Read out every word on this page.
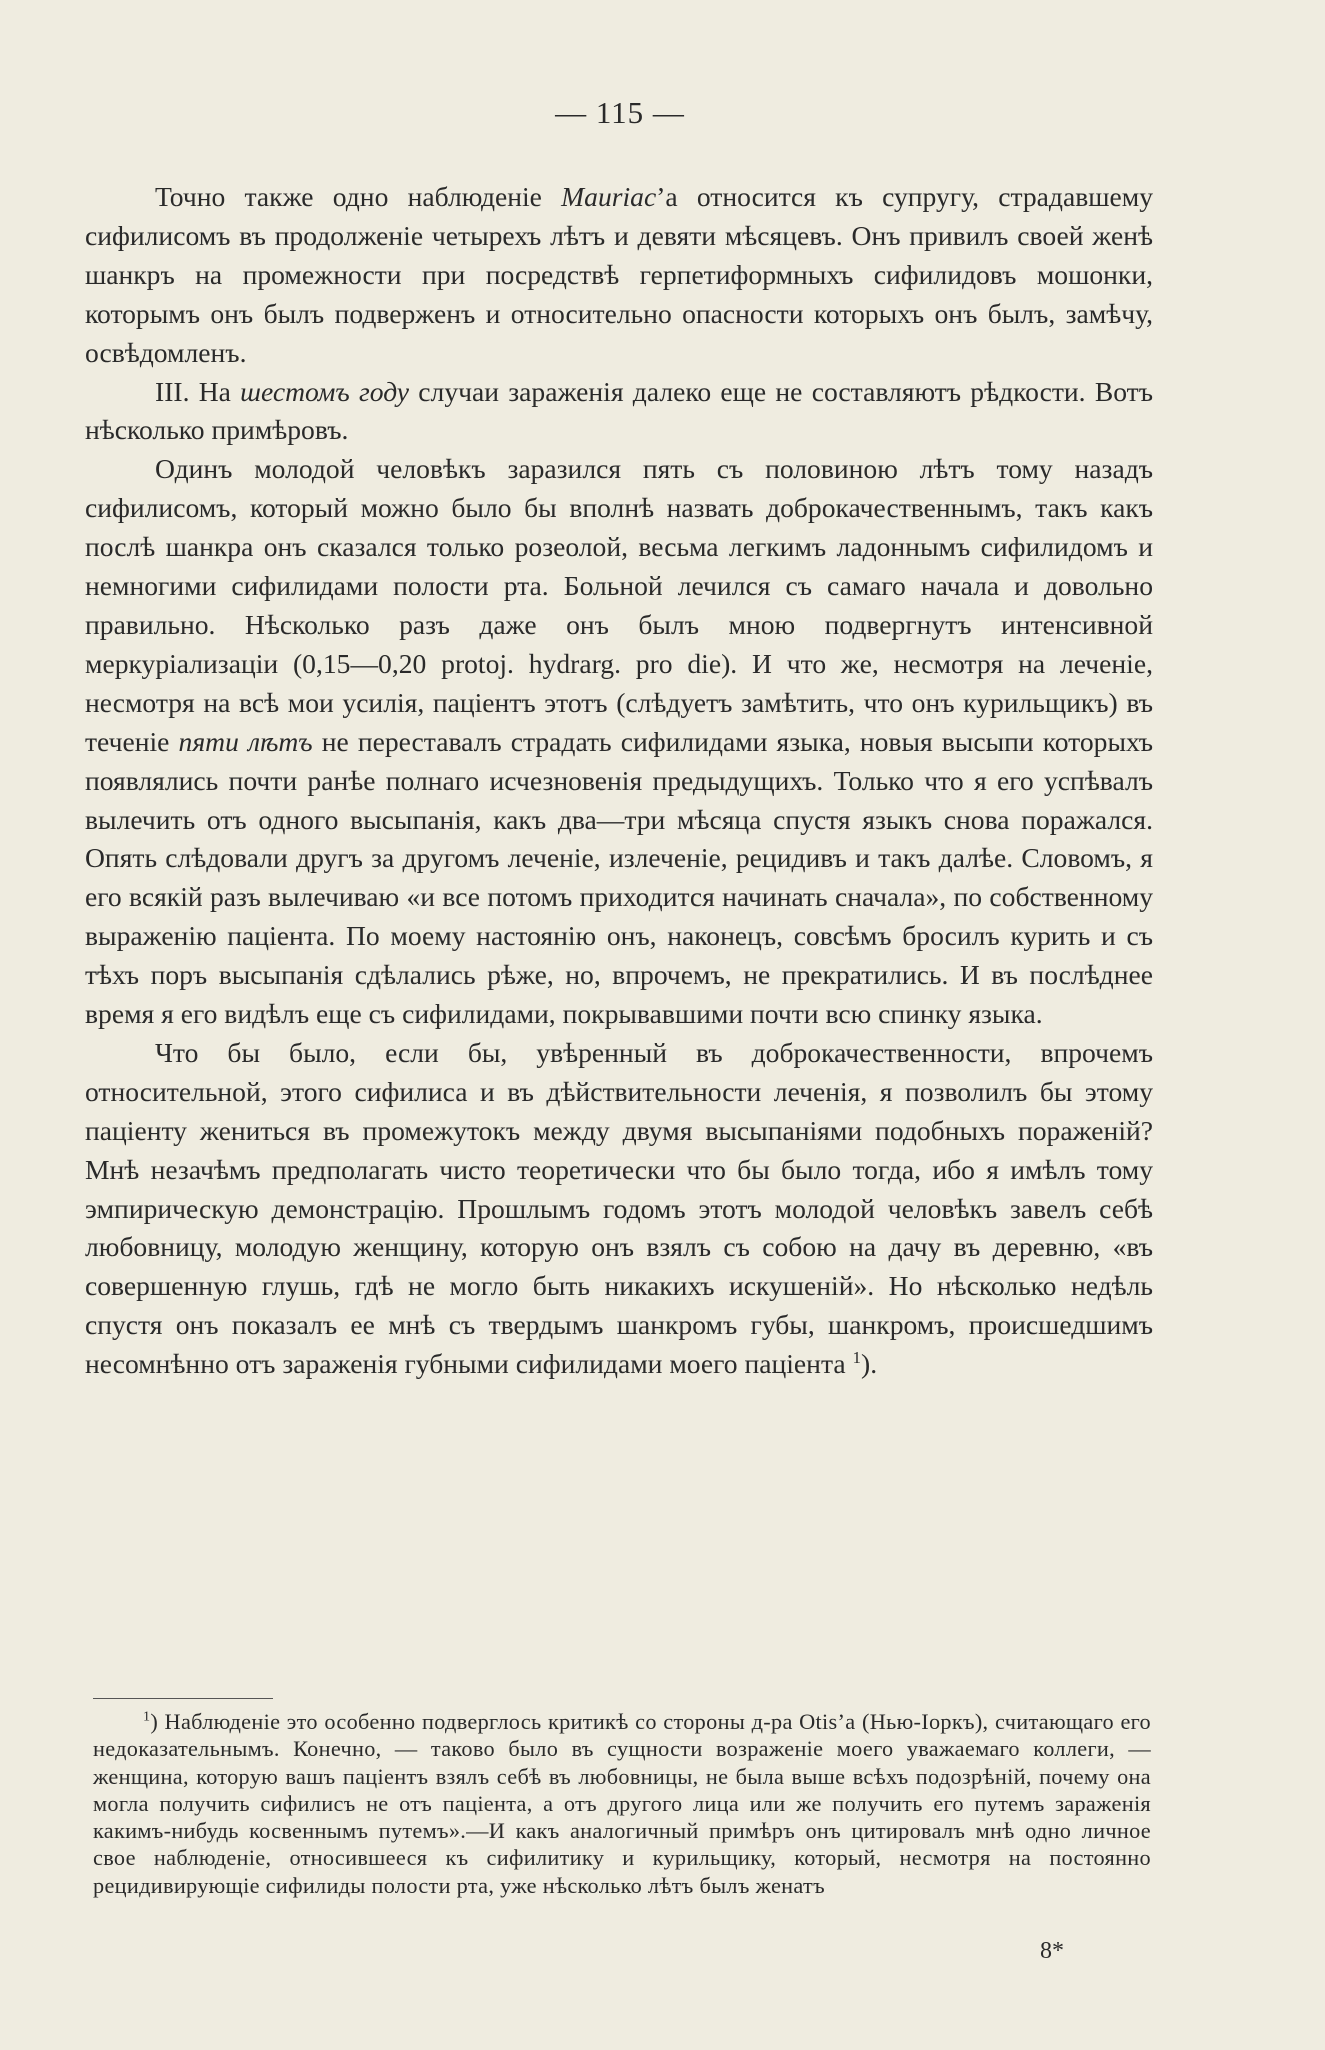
— 115 —

Точно также одно наблюденіе Mauriac’а относится къ супругу, страдавшему сифилисомъ въ продолженіе четырехъ лѣтъ и девяти мѣсяцевъ. Онъ привилъ своей женѣ шанкръ на промежности при посредствѣ герпетиформныхъ сифилидовъ мошонки, которымъ онъ былъ подверженъ и относительно опасности которыхъ онъ былъ, замѣчу, освѣдомленъ.

III. На шестомъ году случаи зараженія далеко еще не составляютъ рѣдкости. Вотъ нѣсколько примѣровъ.

Одинъ молодой человѣкъ заразился пять съ половиною лѣтъ тому назадъ сифилисомъ, который можно было бы вполнѣ назвать доброкачественнымъ, такъ какъ послѣ шанкра онъ сказался только розеолой, весьма легкимъ ладоннымъ сифилидомъ и немногими сифилидами полости рта. Больной лечился съ самаго начала и довольно правильно. Нѣсколько разъ даже онъ былъ мною подвергнутъ интенсивной меркуріализаціи (0,15—0,20 protoj. hydrarg. pro die). И что же, несмотря на леченіе, несмотря на всѣ мои усилія, паціентъ этотъ (слѣдуетъ замѣтить, что онъ курильщикъ) въ теченіе пяти лѣтъ не переставалъ страдать сифилидами языка, новыя высыпи которыхъ появлялись почти ранѣе полнаго исчезновенія предыдущихъ. Только что я его успѣвалъ вылечить отъ одного высыпанія, какъ два—три мѣсяца спустя языкъ снова поражался. Опять слѣдовали другъ за другомъ леченіе, излеченіе, рецидивъ и такъ далѣе. Словомъ, я его всякій разъ вылечиваю «и все потомъ приходится начинать сначала», по собственному выраженію паціента. По моему настоянію онъ, наконецъ, совсѣмъ бросилъ курить и съ тѣхъ поръ высыпанія сдѣлались рѣже, но, впрочемъ, не прекратились. И въ послѣднее время я его видѣлъ еще съ сифилидами, покрывавшими почти всю спинку языка.

Что бы было, если бы, увѣренный въ доброкачественности, впрочемъ относительной, этого сифилиса и въ дѣйствительности леченія, я позволилъ бы этому паціенту жениться въ промежутокъ между двумя высыпаніями подобныхъ пораженій? Мнѣ незачѣмъ предполагать чисто теоретически что бы было тогда, ибо я имѣлъ тому эмпирическую демонстрацію. Прошлымъ годомъ этотъ молодой человѣкъ завелъ себѣ любовницу, молодую женщину, которую онъ взялъ съ собою на дачу въ деревню, «въ совершенную глушь, гдѣ не могло быть никакихъ искушеній». Но нѣсколько недѣль спустя онъ показалъ ее мнѣ съ твердымъ шанкромъ губы, шанкромъ, происшедшимъ несомнѣнно отъ зараженія губными сифилидами моего паціента $^1$).

$^1$) Наблюденіе это особенно подверглось критикѣ со стороны д-ра Otis’а (Нью-Іоркъ), считающаго его недоказательнымъ. Конечно, — таково было въ сущности возраженіе моего уважаемаго коллеги, — женщина, которую вашъ паціентъ взялъ себѣ въ любовницы, не была выше всѣхъ подозрѣній, почему она могла получить сифилисъ не отъ паціента, а отъ другого лица или же получить его путемъ зараженія какимъ-нибудь косвеннымъ путемъ».—И какъ аналогичный примѣръ онъ цитировалъ мнѣ одно личное свое наблюденіе, относившееся къ сифилитику и курильщику, который, несмотря на постоянно рецидивирующіе сифилиды полости рта, уже нѣсколько лѣтъ былъ женатъ

8*
